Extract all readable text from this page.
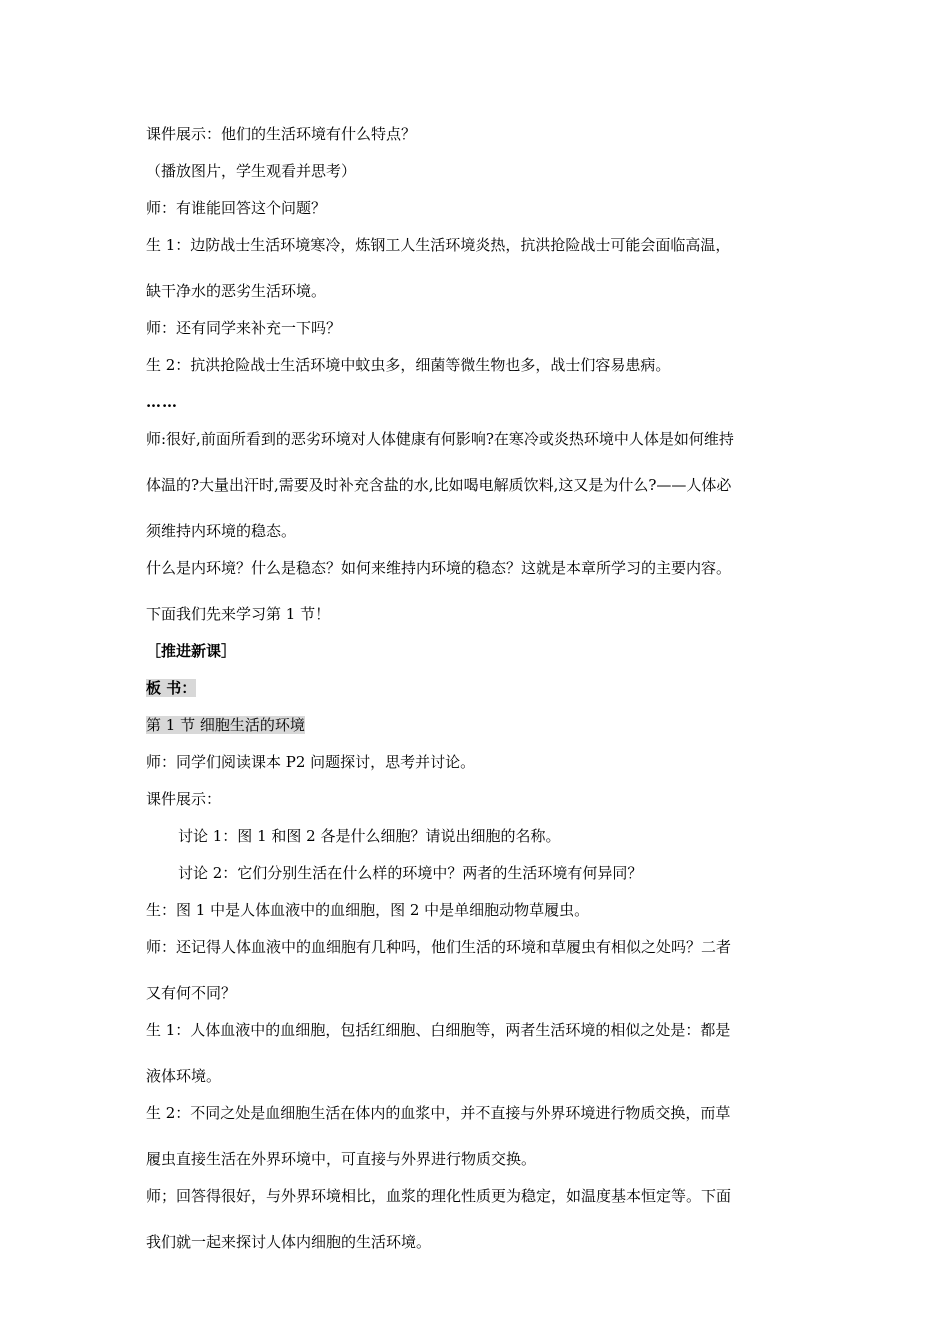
课件展示：他们的生活环境有什么特点？

（播放图片，学生观看并思考）

师：有谁能回答这个问题？

生 1：边防战士生活环境寒冷，炼钢工人生活环境炎热，抗洪抢险战士可能会面临高温，

缺干净水的恶劣生活环境。

师：还有同学来补充一下吗？

生 2：抗洪抢险战士生活环境中蚊虫多，细菌等微生物也多，战士们容易患病。

……

师:很好,前面所看到的恶劣环境对人体健康有何影响?在寒冷或炎热环境中人体是如何维持

体温的?大量出汗时,需要及时补充含盐的水,比如喝电解质饮料,这又是为什么?——人体必

须维持内环境的稳态。

什么是内环境？什么是稳态？如何来维持内环境的稳态？这就是本章所学习的主要内容。

下面我们先来学习第 1 节！

［推进新课］

板 书：

第 1 节 细胞生活的环境

师：同学们阅读课本 P2 问题探讨，思考并讨论。

课件展示：

讨论 1：图 1 和图 2 各是什么细胞？请说出细胞的名称。

讨论 2：它们分别生活在什么样的环境中？两者的生活环境有何异同？

生：图 1 中是人体血液中的血细胞，图 2 中是单细胞动物草履虫。

师：还记得人体血液中的血细胞有几种吗，他们生活的环境和草履虫有相似之处吗？二者

又有何不同？

生 1：人体血液中的血细胞，包括红细胞、白细胞等，两者生活环境的相似之处是：都是

液体环境。

生 2：不同之处是血细胞生活在体内的血浆中，并不直接与外界环境进行物质交换，而草

履虫直接生活在外界环境中，可直接与外界进行物质交换。

师；回答得很好，与外界环境相比，血浆的理化性质更为稳定，如温度基本恒定等。下面

我们就一起来探讨人体内细胞的生活环境。
